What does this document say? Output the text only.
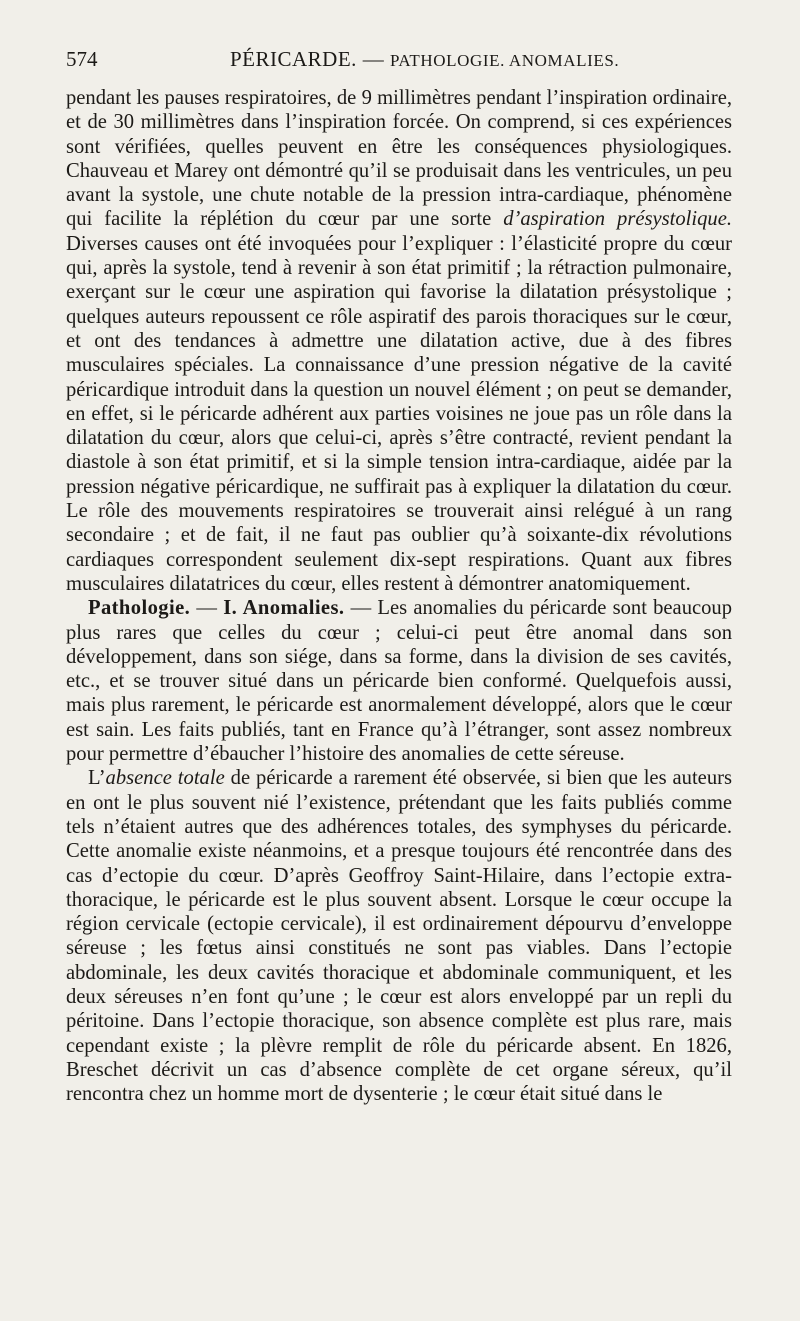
574	PÉRICARDE. — PATHOLOGIE. ANOMALIES.

pendant les pauses respiratoires, de 9 millimètres pendant l’inspiration ordinaire, et de 30 millimètres dans l’inspiration forcée. On comprend, si ces expériences sont vérifiées, quelles peuvent en être les conséquences physiologiques. Chauveau et Marey ont démontré qu’il se produisait dans les ventricules, un peu avant la systole, une chute notable de la pression intra-cardiaque, phénomène qui facilite la réplétion du cœur par une sorte d’aspiration présystolique. Diverses causes ont été invoquées pour l’expliquer : l’élasticité propre du cœur qui, après la systole, tend à revenir à son état primitif ; la rétraction pulmonaire, exerçant sur le cœur une aspiration qui favorise la dilatation présystolique ; quelques auteurs repoussent ce rôle aspiratif des parois thoraciques sur le cœur, et ont des tendances à admettre une dilatation active, due à des fibres musculaires spéciales. La connaissance d’une pression négative de la cavité péricardique introduit dans la question un nouvel élément ; on peut se demander, en effet, si le péricarde adhérent aux parties voisines ne joue pas un rôle dans la dilatation du cœur, alors que celui-ci, après s’être contracté, revient pendant la diastole à son état primitif, et si la simple tension intra-cardiaque, aidée par la pression négative péricardique, ne suffirait pas à expliquer la dilatation du cœur. Le rôle des mouvements respiratoires se trouverait ainsi relégué à un rang secondaire ; et de fait, il ne faut pas oublier qu’à soixante-dix révolutions cardiaques correspondent seulement dix-sept respirations. Quant aux fibres musculaires dilatatrices du cœur, elles restent à démontrer anatomiquement.

Pathologie. — I. Anomalies. — Les anomalies du péricarde sont beaucoup plus rares que celles du cœur ; celui-ci peut être anomal dans son développement, dans son siége, dans sa forme, dans la division de ses cavités, etc., et se trouver situé dans un péricarde bien conformé. Quelquefois aussi, mais plus rarement, le péricarde est anormalement développé, alors que le cœur est sain. Les faits publiés, tant en France qu’à l’étranger, sont assez nombreux pour permettre d’ébaucher l’histoire des anomalies de cette séreuse.

L’absence totale de péricarde a rarement été observée, si bien que les auteurs en ont le plus souvent nié l’existence, prétendant que les faits publiés comme tels n’étaient autres que des adhérences totales, des symphyses du péricarde. Cette anomalie existe néanmoins, et a presque toujours été rencontrée dans des cas d’ectopie du cœur. D’après Geoffroy Saint-Hilaire, dans l’ectopie extra-thoracique, le péricarde est le plus souvent absent. Lorsque le cœur occupe la région cervicale (ectopie cervicale), il est ordinairement dépourvu d’enveloppe séreuse ; les fœtus ainsi constitués ne sont pas viables. Dans l’ectopie abdominale, les deux cavités thoracique et abdominale communiquent, et les deux séreuses n’en font qu’une ; le cœur est alors enveloppé par un repli du péritoine. Dans l’ectopie thoracique, son absence complète est plus rare, mais cependant existe ; la plèvre remplit de rôle du péricarde absent. En 1826, Breschet décrivit un cas d’absence complète de cet organe séreux, qu’il rencontra chez un homme mort de dysenterie ; le cœur était situé dans le
